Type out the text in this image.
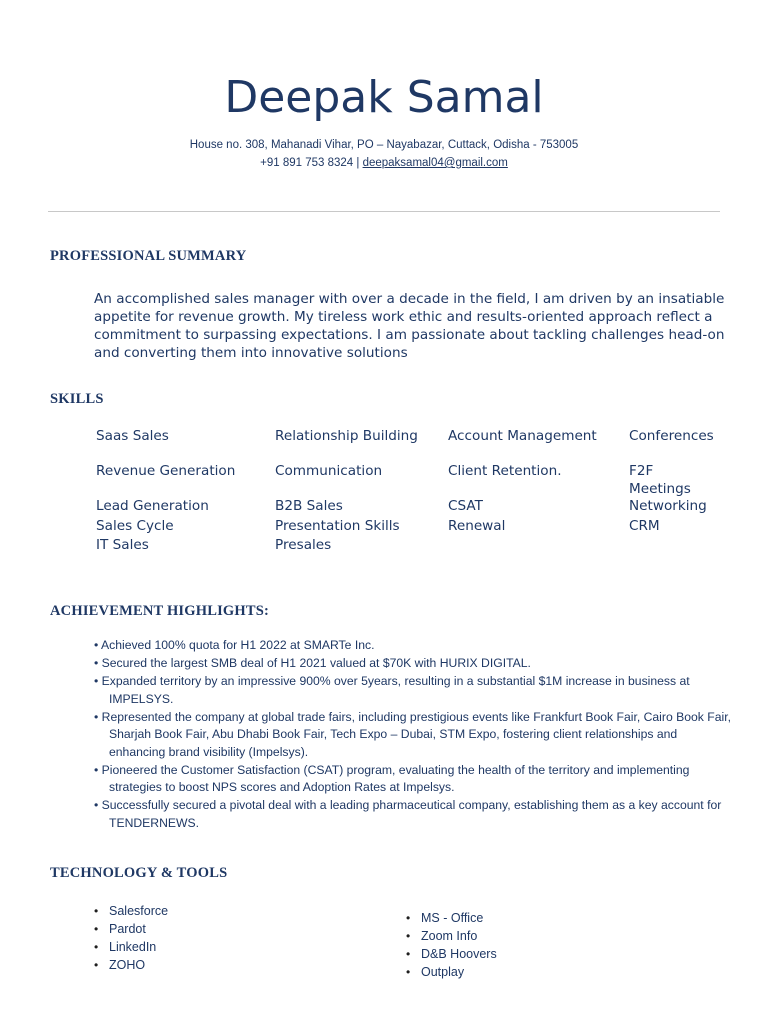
Deepak Samal
House no. 308, Mahanadi Vihar, PO – Nayabazar, Cuttack, Odisha - 753005
+91 891 753 8324 | deepaksamal04@gmail.com
PROFESSIONAL SUMMARY

An accomplished sales manager with over a decade in the field, I am driven by an insatiable appetite for revenue growth. My tireless work ethic and results-oriented approach reflect a commitment to surpassing expectations. I am passionate about tackling challenges head-on and converting them into innovative solutions

SKILLS
Saas Sales
Revenue Generation
Lead Generation
Sales Cycle
IT Sales
Relationship Building
Communication
B2B Sales
Presentation Skills
Presales
Account Management
Client Retention.
CSAT
Renewal
Conferences
F2F Meetings
Networking
CRM
ACHIEVEMENT HIGHLIGHTS:
• Achieved 100% quota for H1 2022 at SMARTe Inc.
• Secured the largest SMB deal of H1 2021 valued at $70K with HURIX DIGITAL.
• Expanded territory by an impressive 900% over 5years, resulting in a substantial $1M increase in business at IMPELSYS.
• Represented the company at global trade fairs, including prestigious events like Frankfurt Book Fair, Cairo Book Fair, Sharjah Book Fair, Abu Dhabi Book Fair, Tech Expo – Dubai, STM Expo, fostering client relationships and enhancing brand visibility (Impelsys).
• Pioneered the Customer Satisfaction (CSAT) program, evaluating the health of the territory and implementing strategies to boost NPS scores and Adoption Rates at Impelsys.
• Successfully secured a pivotal deal with a leading pharmaceutical company, establishing them as a key account for TENDERNEWS.
TECHNOLOGY & TOOLS
• Salesforce
• Pardot
• LinkedIn
• ZOHO
• MS - Office
• Zoom Info
• D&B Hoovers
• Outplay
